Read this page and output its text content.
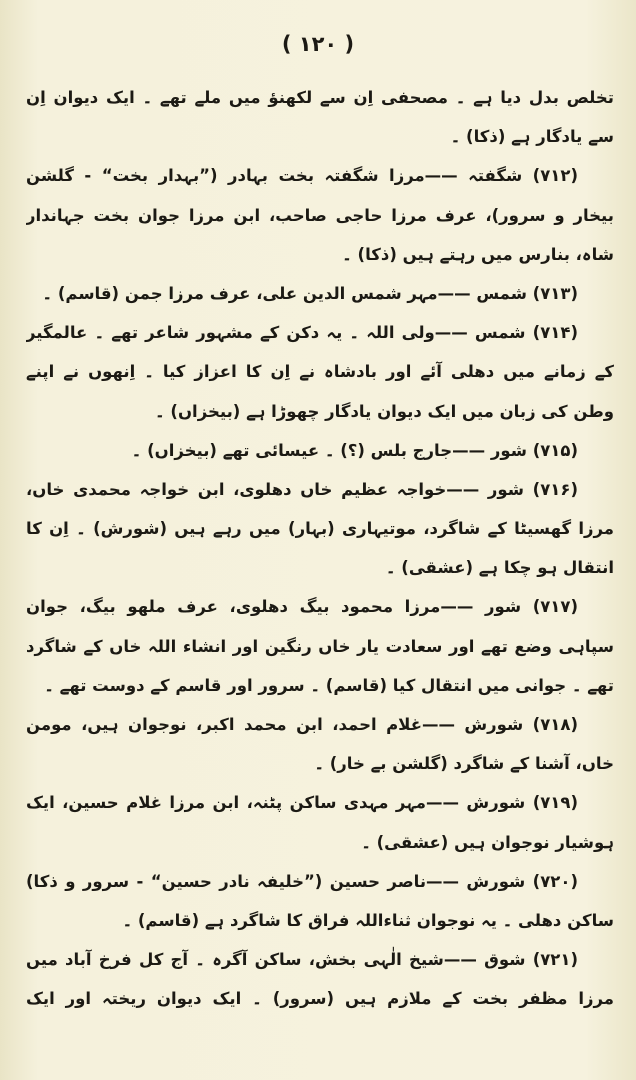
( ۱۲۰ )
تخلص بدل دیا ہے ۔ مصحفی اِن سے لکھنؤ میں ملے تھے ۔ ایک دیوان اِن
سے یادگار ہے (ذکا) ۔
(۷۱۲) شگفتہ ——مرزا شگفتہ بخت بہادر (”بہدار بخت“ - گلشن
بیخار و سرور)، عرف مرزا حاجی صاحب، ابن مرزا جوان بخت جہاندار
شاہ، بنارس میں رہتے ہیں (ذکا) ۔
(۷۱۳) شمس ——مہر شمس الدین علی، عرف مرزا جمن (قاسم) ۔
(۷۱۴) شمس ——ولی اللہ ۔ یہ دکن کے مشہور شاعر تھے ۔ عالمگیر
کے زمانے میں دھلی آئے اور بادشاہ نے اِن کا اعزاز کیا ۔ اِنھوں نے اپنے
وطن کی زبان میں ایک دیوان یادگار چھوڑا ہے (بیخزاں) ۔
(۷۱۵) شور ——جارج بلس (؟) ۔ عیسائی تھے (بیخزاں) ۔
(۷۱۶) شور ——خواجہ عظیم خاں دھلوی، ابن خواجہ محمدی خاں،
مرزا گھسیٹا کے شاگرد، موتیہاری (بہار) میں رہے ہیں (شورش) ۔ اِن کا
انتقال ہو چکا ہے (عشقی) ۔
(۷۱۷) شور ——مرزا محمود بیگ دھلوی، عرف ملھو بیگ، جوان
سپاہی وضع تھے اور سعادت یار خاں رنگین اور انشاء اللہ خاں کے شاگرد
تھے ۔ جوانی میں انتقال کیا (قاسم) ۔ سرور اور قاسم کے دوست تھے ۔
(۷۱۸) شورش ——غلام احمد، ابن محمد اکبر، نوجوان ہیں، مومن
خاں، آشنا کے شاگرد (گلشن بے خار) ۔
(۷۱۹) شورش ——مہر مہدی ساکن پٹنہ، ابن مرزا غلام حسین، ایک
ہوشیار نوجوان ہیں (عشقی) ۔
(۷۲۰) شورش ——ناصر حسین (”خلیفہ نادر حسین“ - سرور و ذکا)
ساکن دھلی ۔ یہ نوجوان ثناءاللہ فراق کا شاگرد ہے (قاسم) ۔
(۷۲۱) شوق ——شیخ الٰہی بخش، ساکن آگرہ ۔ آج کل فرخ آباد میں
مرزا مظفر بخت کے ملازم ہیں (سرور) ۔ ایک دیوان ریختہ اور ایک
